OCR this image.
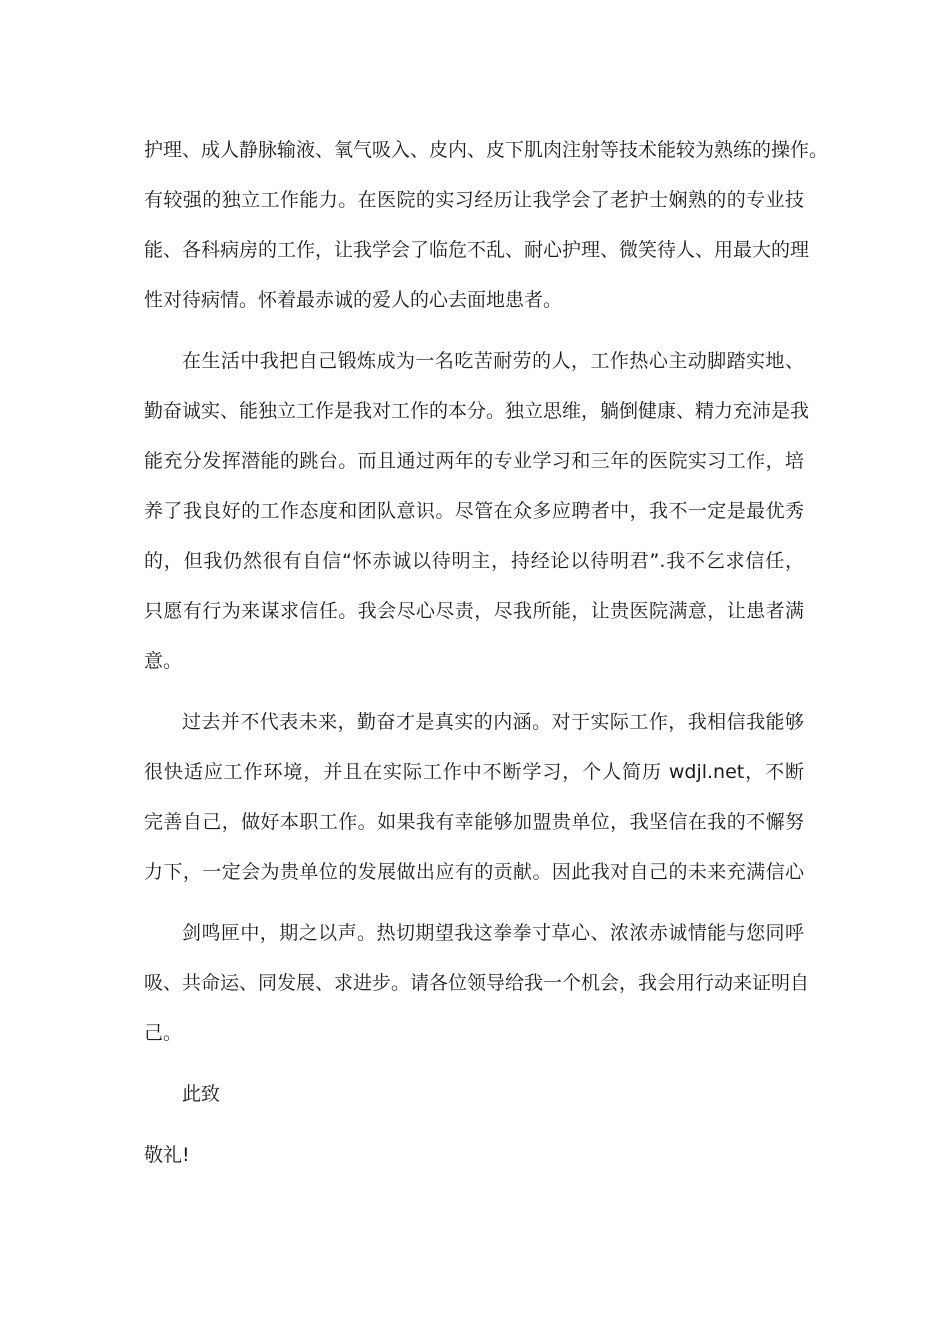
护理、成人静脉输液、氧气吸入、皮内、皮下肌肉注射等技术能较为熟练的操作。
有较强的独立工作能力。在医院的实习经历让我学会了老护士娴熟的的专业技
能、各科病房的工作，让我学会了临危不乱、耐心护理、微笑待人、用最大的理
性对待病情。怀着最赤诚的爱人的心去面地患者。
在生活中我把自己锻炼成为一名吃苦耐劳的人，工作热心主动脚踏实地、
勤奋诚实、能独立工作是我对工作的本分。独立思维，躺倒健康、精力充沛是我
能充分发挥潜能的跳台。而且通过两年的专业学习和三年的医院实习工作，培
养了我良好的工作态度和团队意识。尽管在众多应聘者中，我不一定是最优秀
的，但我仍然很有自信“怀赤诚以待明主，持经论以待明君”.我不乞求信任，
只愿有行为来谋求信任。我会尽心尽责，尽我所能，让贵医院满意，让患者满
意。
过去并不代表未来，勤奋才是真实的内涵。对于实际工作，我相信我能够
很快适应工作环境，并且在实际工作中不断学习，个人简历 wdjl.net，不断
完善自己，做好本职工作。如果我有幸能够加盟贵单位，我坚信在我的不懈努
力下，一定会为贵单位的发展做出应有的贡献。因此我对自己的未来充满信心
剑鸣匣中，期之以声。热切期望我这拳拳寸草心、浓浓赤诚情能与您同呼
吸、共命运、同发展、求进步。请各位领导给我一个机会，我会用行动来证明自
己。
此致
敬礼!
